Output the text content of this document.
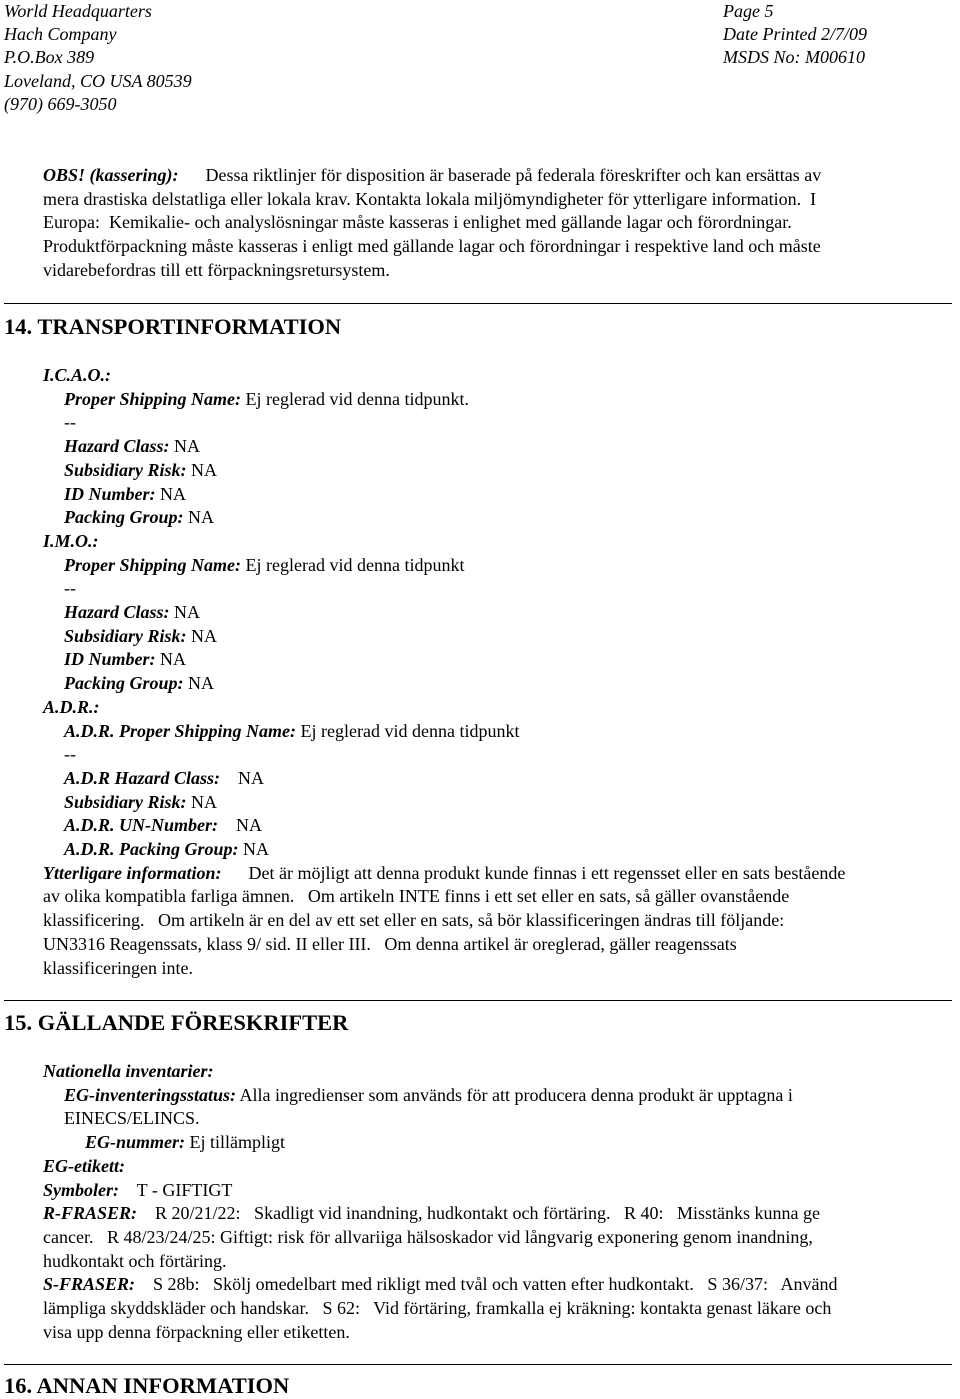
World Headquarters
Hach Company
P.O.Box 389
Loveland, CO USA 80539
(970) 669-3050
Page 5
Date Printed 2/7/09
MSDS No: M00610
OBS! (kassering): Dessa riktlinjer för disposition är baserade på federala föreskrifter och kan ersättas av
mera drastiska delstatliga eller lokala krav. Kontakta lokala miljömyndigheter för ytterligare information.  I
Europa:  Kemikalie- och analyslösningar måste kasseras i enlighet med gällande lagar och förordningar.
Produktförpackning måste kasseras i enligt med gällande lagar och förordningar i respektive land och måste
vidarebefordras till ett förpackningsretursystem.
14. TRANSPORTINFORMATION
I.C.A.O.:
Proper Shipping Name: Ej reglerad vid denna tidpunkt.
--
Hazard Class: NA
Subsidiary Risk: NA
ID Number: NA
Packing Group: NA
I.M.O.:
Proper Shipping Name: Ej reglerad vid denna tidpunkt
--
Hazard Class: NA
Subsidiary Risk: NA
ID Number: NA
Packing Group: NA
A.D.R.:
A.D.R. Proper Shipping Name: Ej reglerad vid denna tidpunkt
--
A.D.R Hazard Class:    NA
Subsidiary Risk: NA
A.D.R. UN-Number:    NA
A.D.R. Packing Group: NA
Ytterligare information: Det är möjligt att denna produkt kunde finnas i ett regensset eller en sats bestående
av olika kompatibla farliga ämnen.   Om artikeln INTE finns i ett set eller en sats, så gäller ovanstående
klassificering.   Om artikeln är en del av ett set eller en sats, så bör klassificeringen ändras till följande:
UN3316 Reagenssats, klass 9/ sid. II eller III.   Om denna artikel är oreglerad, gäller reagenssats
klassificeringen inte.
15. GÄLLANDE FÖRESKRIFTER
Nationella inventarier:
EG-inventeringsstatus: Alla ingredienser som används för att producera denna produkt är upptagna i
EINECS/ELINCS.
EG-nummer: Ej tillämpligt
EG-etikett:
Symboler:    T - GIFTIGT
R-FRASER:    R 20/21/22:   Skadligt vid inandning, hudkontakt och förtäring.   R 40:   Misstänks kunna ge
cancer.   R 48/23/24/25: Giftigt: risk för allvariiga hälsoskador vid långvarig exponering genom inandning,
hudkontakt och förtäring.
S-FRASER:    S 28b:   Skölj omedelbart med rikligt med tvål och vatten efter hudkontakt.   S 36/37:   Använd
lämpliga skyddskläder och handskar.   S 62:   Vid förtäring, framkalla ej kräkning: kontakta genast läkare och
visa upp denna förpackning eller etiketten.
16. ANNAN INFORMATION
